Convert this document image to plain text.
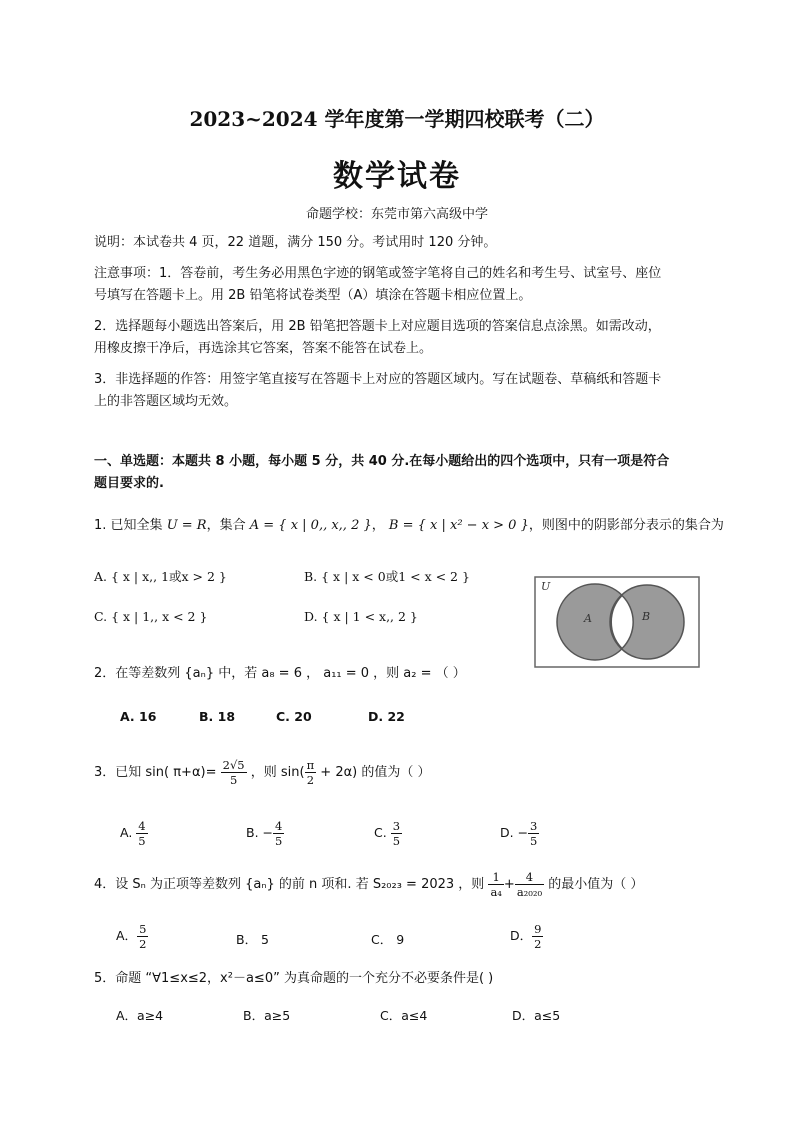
2023~2024 学年度第一学期四校联考（二）
数学试卷
命题学校：东莞市第六高级中学
说明：本试卷共 4 页，22 道题，满分 150 分。考试用时 120 分钟。
注意事项：1．答卷前，考生务必用黑色字迹的钢笔或签字笔将自己的姓名和考生号、试室号、座位
号填写在答题卡上。用 2B 铅笔将试卷类型（A）填涂在答题卡相应位置上。
2．选择题每小题选出答案后，用 2B 铅笔把答题卡上对应题目选项的答案信息点涂黑。如需改动，
用橡皮擦干净后，再选涂其它答案，答案不能答在试卷上。
3．非选择题的作答：用签字笔直接写在答题卡上对应的答题区域内。写在试题卷、草稿纸和答题卡
上的非答题区域均无效。
一、单选题：本题共 8 小题，每小题 5 分，共 40 分.在每小题给出的四个选项中，只有一项是符合
题目要求的.
1. 已知全集 U = R，集合 A = { x | 0,, x,, 2 }， B = { x | x² − x > 0 }，则图中的阴影部分表示的集合为
A. { x | x,, 1或x > 2 }	B. { x | x < 0或1 < x < 2 }
C. { x | 1,, x < 2 }	D. { x | 1 < x,, 2 }
U
A	B
2．在等差数列 {aₙ} 中，若 a₈ = 6 ， a₁₁ = 0 ，则 a₂ = （ ）
A. 16	B. 18	C. 20	D. 22
3．已知 sin( $\pi+\alpha)= \frac{2√5}{5}$ ，则 $\sin( \frac{\pi}{2} + 2\alpha)$ 的值为（ ）
A. $\frac{4}{5}$	B. − $\frac{4}{5}$	C. $\frac{3}{5}$	D. − $\frac{3}{5}$
4．设 Sₙ 为正项等差数列 {aₙ} 的前 n 项和. 若 S₂₀₂₃ = 2023 ，则 $\frac{1}{\text{a₄}} + \frac{4}{\text{a₂₀₂₀}}$ 的最小值为（ ）
A． $\frac{5}{2}$	B． 5	C． 9	D． $\frac{9}{2}$
5．命题 “∀1≤x≤2，x²－a≤0” 为真命题的一个充分不必要条件是( )
A．a≥4	B．a≥5	C．a≤4	D．a≤5
